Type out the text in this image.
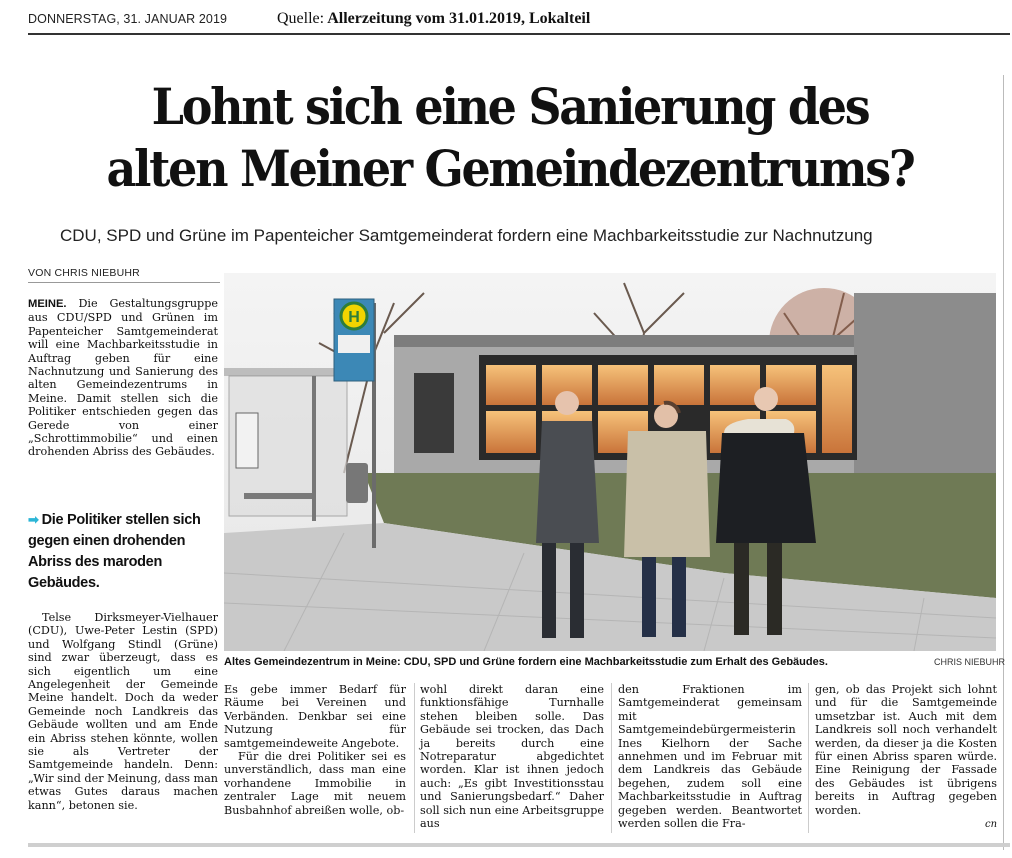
DONNERSTAG, 31. JANUAR 2019	Quelle: Allerzeitung vom 31.01.2019, Lokalteil
Lohnt sich eine Sanierung des
alten Meiner Gemeindezentrums?
CDU, SPD und Grüne im Papenteicher Samtgemeinderat fordern eine Machbarkeitsstudie zur Nachnutzung
VON CHRIS NIEBUHR
MEINE. Die Gestaltungsgruppe aus CDU/SPD und Grünen im Papenteicher Samtgemeinderat will eine Machbarkeitsstudie in Auftrag geben für eine Nachnutzung und Sanierung des alten Gemeindezentrums in Meine. Damit stellen sich die Politiker entschieden gegen das Gerede von einer „Schrottimmobilie“ und einen drohenden Abriss des Gebäudes.
➡ Die Politiker stellen sich gegen einen drohenden Abriss des maroden Gebäudes.
Telse Dirksmeyer-Vielhauer (CDU), Uwe-Peter Lestin (SPD) und Wolfgang Stindl (Grüne) sind zwar überzeugt, dass es sich eigentlich um eine Angelegenheit der Gemeinde Meine handelt. Doch da weder Gemeinde noch Landkreis das Gebäude wollten und am Ende ein Abriss stehen könnte, wollen sie als Vertreter der Samtgemeinde handeln. Denn: „Wir sind der Meinung, dass man etwas Gutes daraus machen kann“, betonen sie.

Es gebe immer Bedarf für Räume bei Vereinen und Verbänden. Denkbar sei eine Nutzung für samtgemeindeweite Angebote.

Für die drei Politiker sei es unverständlich, dass man eine vorhandene Immobilie in zentraler Lage mit neuem Busbahnhof abreißen wolle, ob-

wohl direkt daran eine funktionsfähige Turnhalle stehen bleiben solle. Das Gebäude sei trocken, das Dach ja bereits durch eine Notreparatur abgedichtet worden. Klar ist ihnen jedoch auch: „Es gibt Investitionsstau und Sanierungsbedarf.“ Daher soll sich nun eine Arbeitsgruppe aus
den Fraktionen im Samtgemeinderat gemeinsam mit Samtgemeindebürgermeisterin Ines Kielhorn der Sache annehmen und im Februar mit dem Landkreis das Gebäude begehen, zudem soll eine Machbarkeitsstudie in Auftrag gegeben werden. Beantwortet werden sollen die Fra-
gen, ob das Projekt sich lohnt und für die Samtgemeinde umsetzbar ist. Auch mit dem Landkreis soll noch verhandelt werden, da dieser ja die Kosten für einen Abriss sparen würde. Eine Reinigung der Fassade des Gebäudes ist übrigens bereits in Auftrag gegeben worden.
cn
H
Altes Gemeindezentrum in Meine: CDU, SPD und Grüne fordern eine Machbarkeitsstudie zum Erhalt des Gebäudes.	CHRIS NIEBUHR
